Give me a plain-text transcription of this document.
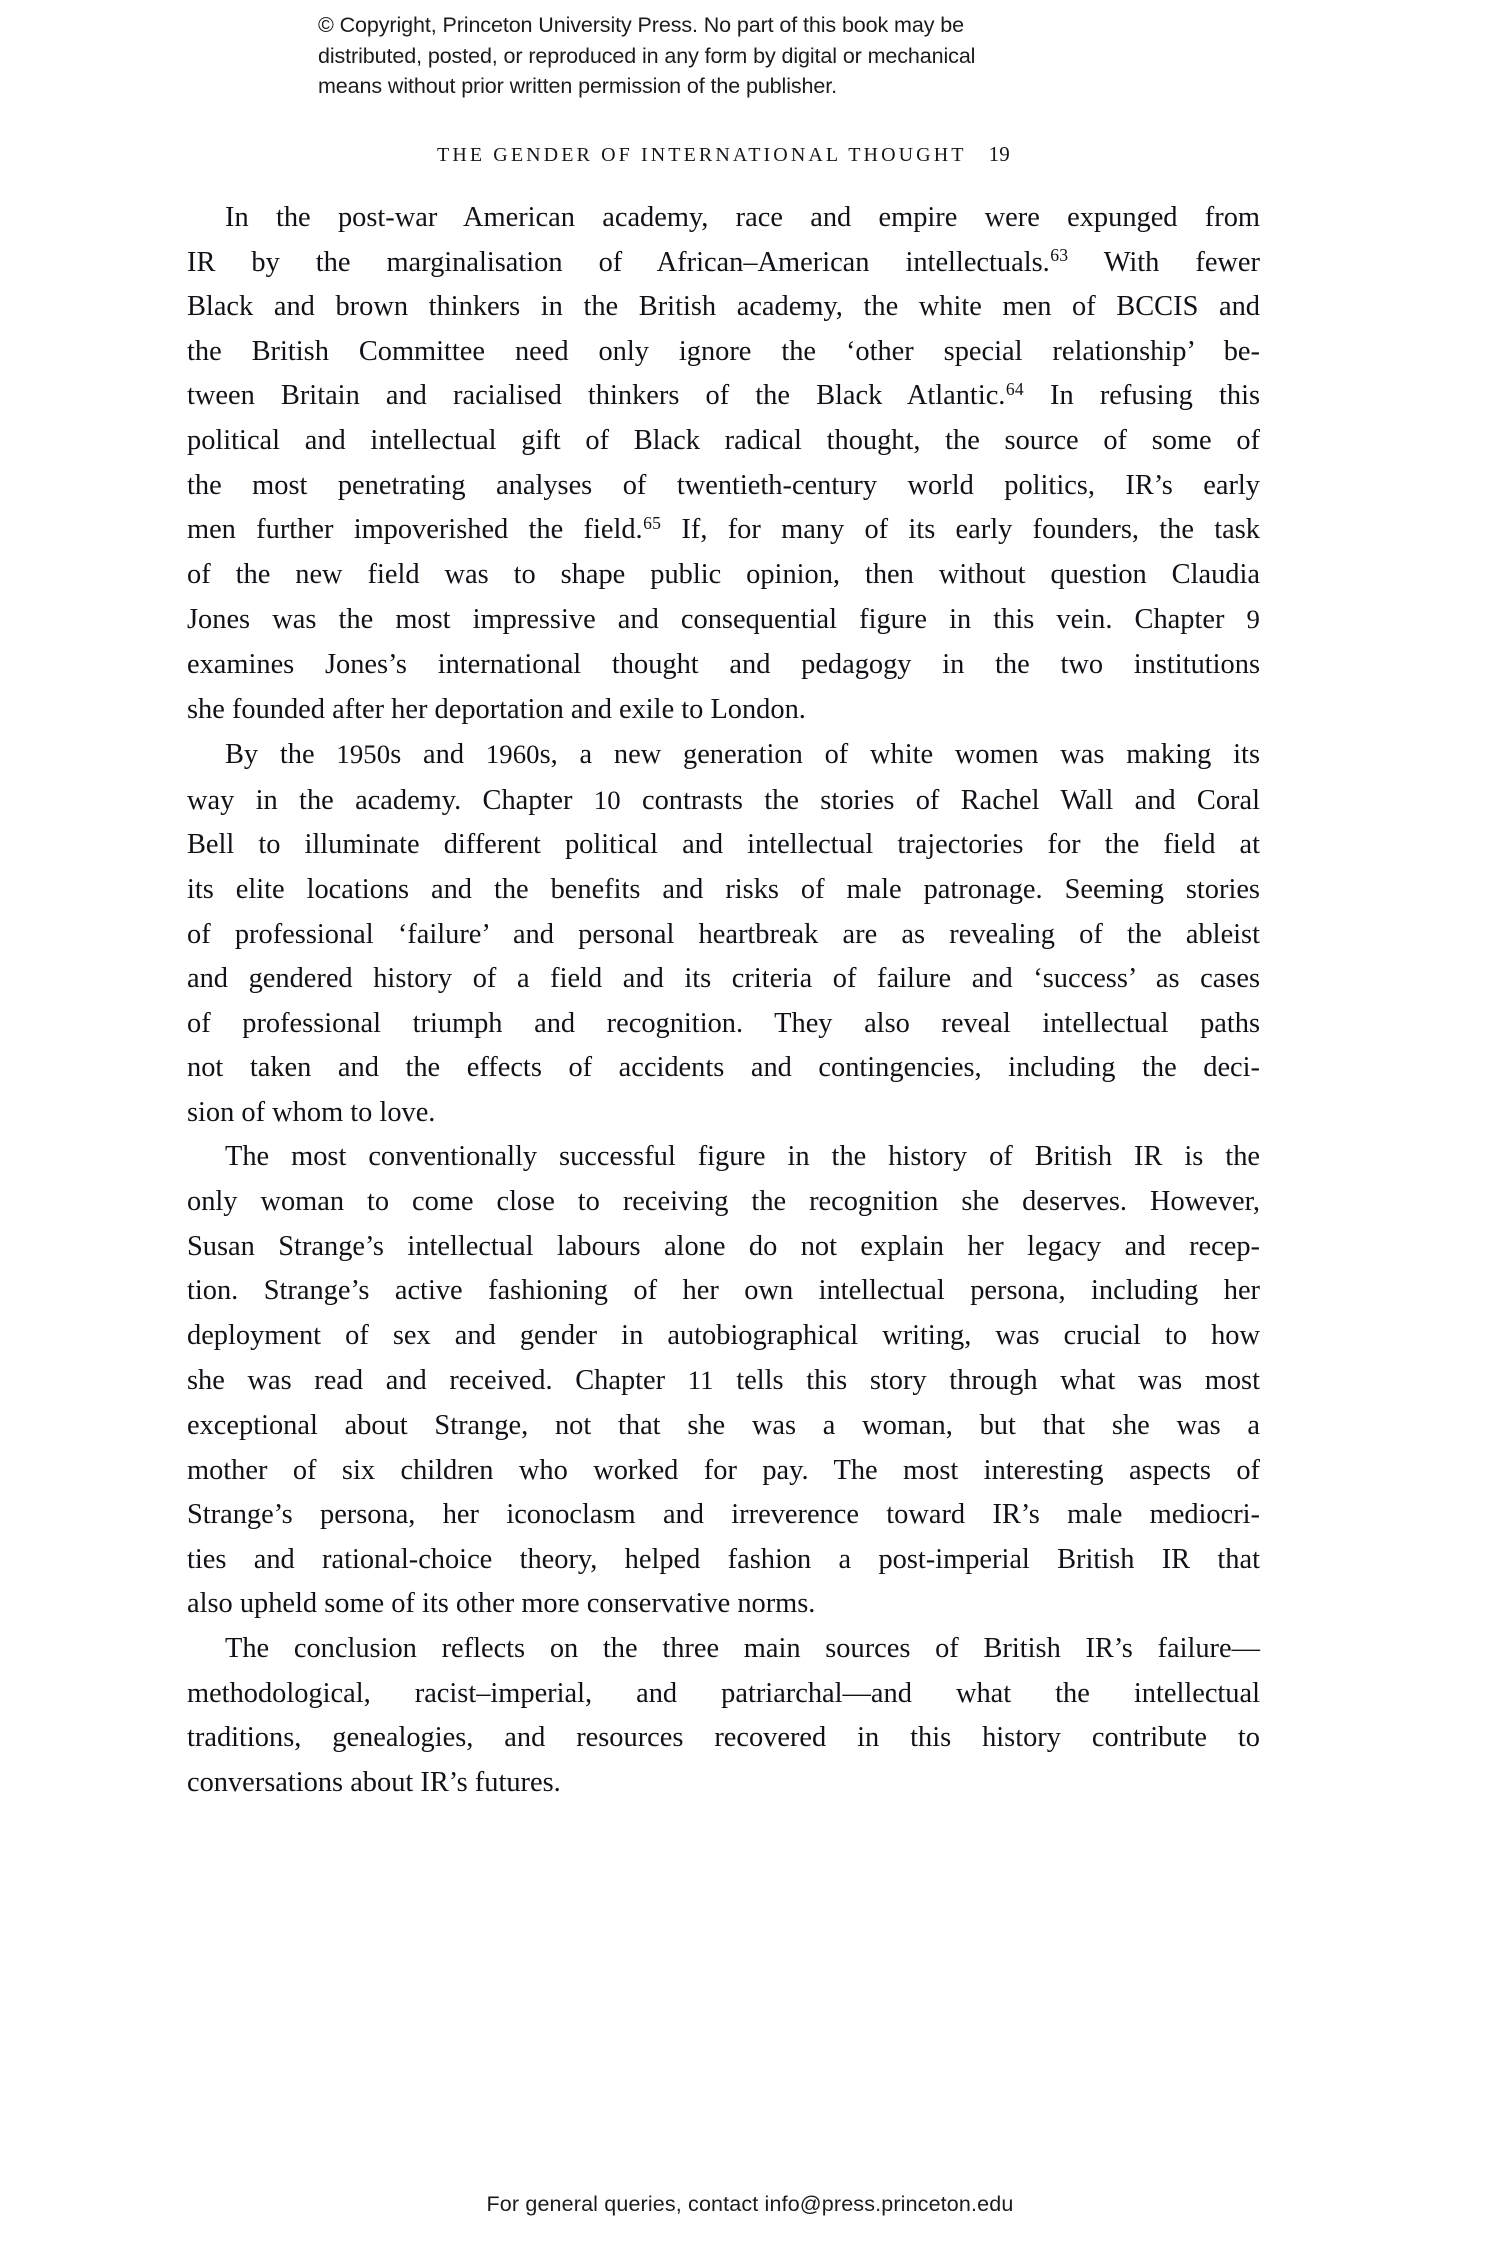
© Copyright, Princeton University Press. No part of this book may be
distributed, posted, or reproduced in any form by digital or mechanical
means without prior written permission of the publisher.
THE GENDER OF INTERNATIONAL THOUGHT 19

In the post-war American academy, race and empire were expunged from
IR by the marginalisation of African–American intellectuals.$^{63}$ With fewer
Black and brown thinkers in the British academy, the white men of BCCIS and
the British Committee need only ignore the ‘other special relationship’ be-
tween Britain and racialised thinkers of the Black Atlantic.$^{64}$ In refusing this
political and intellectual gift of Black radical thought, the source of some of
the most penetrating analyses of twentieth-century world politics, IR’s early
men further impoverished the field.$^{65}$ If, for many of its early founders, the task
of the new field was to shape public opinion, then without question Claudia
Jones was the most impressive and consequential figure in this vein. Chapter 9
examines Jones’s international thought and pedagogy in the two institutions
she founded after her deportation and exile to London.

By the 1950s and 1960s, a new generation of white women was making its
way in the academy. Chapter 10 contrasts the stories of Rachel Wall and Coral
Bell to illuminate different political and intellectual trajectories for the field at
its elite locations and the benefits and risks of male patronage. Seeming stories
of professional ‘failure’ and personal heartbreak are as revealing of the ableist
and gendered history of a field and its criteria of failure and ‘success’ as cases
of professional triumph and recognition. They also reveal intellectual paths
not taken and the effects of accidents and contingencies, including the deci-
sion of whom to love.

The most conventionally successful figure in the history of British IR is the
only woman to come close to receiving the recognition she deserves. However,
Susan Strange’s intellectual labours alone do not explain her legacy and recep-
tion. Strange’s active fashioning of her own intellectual persona, including her
deployment of sex and gender in autobiographical writing, was crucial to how
she was read and received. Chapter 11 tells this story through what was most
exceptional about Strange, not that she was a woman, but that she was a
mother of six children who worked for pay. The most interesting aspects of
Strange’s persona, her iconoclasm and irreverence toward IR’s male mediocri-
ties and rational-choice theory, helped fashion a post-imperial British IR that
also upheld some of its other more conservative norms.

The conclusion reflects on the three main sources of British IR’s failure—
methodological, racist–imperial, and patriarchal—and what the intellectual
traditions, genealogies, and resources recovered in this history contribute to
conversations about IR’s futures.

For general queries, contact info@press.princeton.edu
